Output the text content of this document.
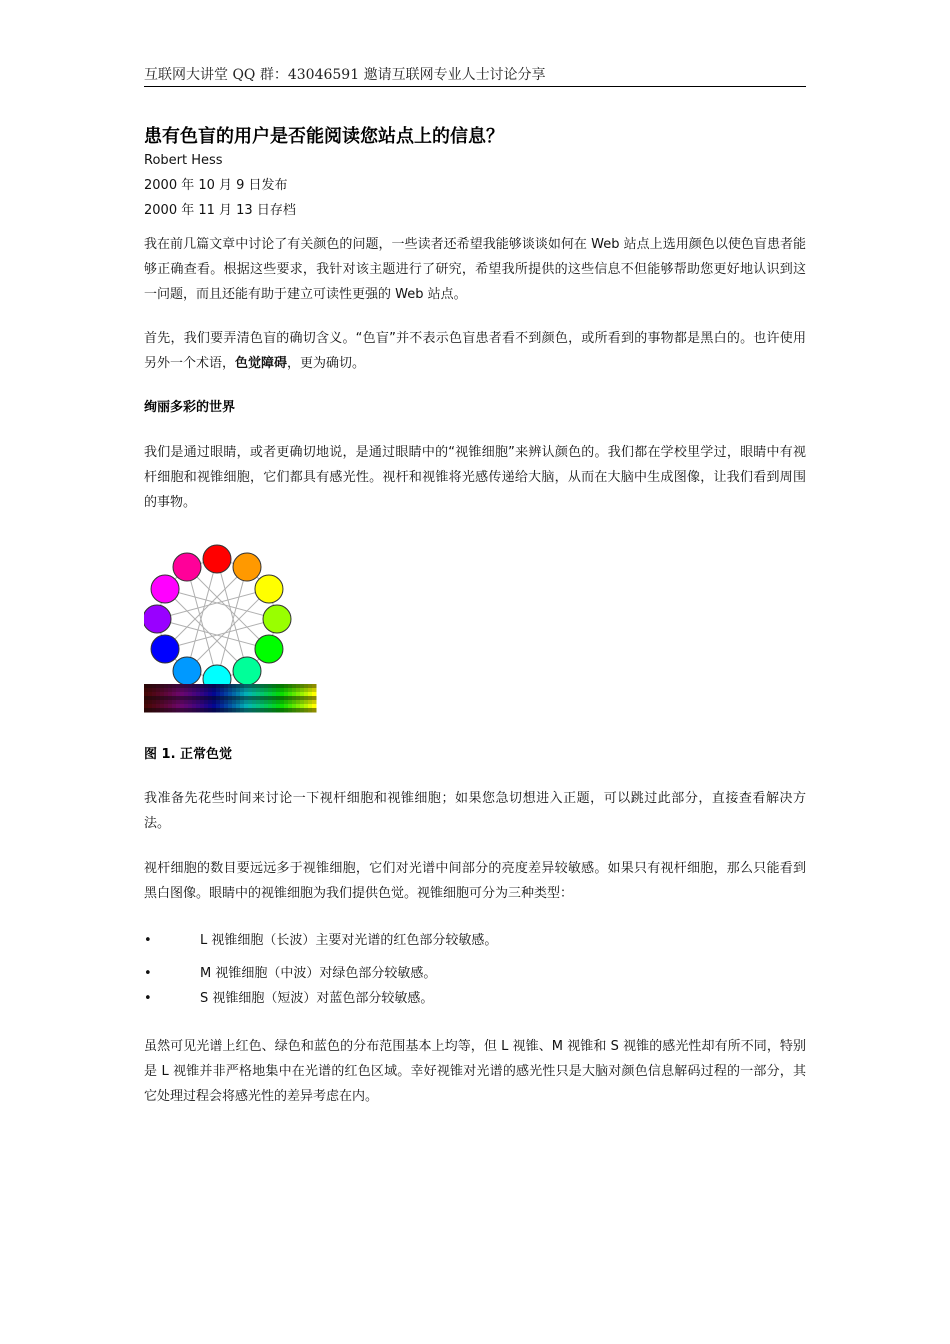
互联网大讲堂 QQ 群：43046591 邀请互联网专业人士讨论分享
患有色盲的用户是否能阅读您站点上的信息？
Robert Hess
2000 年 10 月 9 日发布
2000 年 11 月 13 日存档

我在前几篇文章中讨论了有关颜色的问题，一些读者还希望我能够谈谈如何在 Web 站点上选用颜色以使色盲患者能够正确查看。根据这些要求，我针对该主题进行了研究，希望我所提供的这些信息不但能够帮助您更好地认识到这一问题，而且还能有助于建立可读性更强的 Web 站点。

首先，我们要弄清色盲的确切含义。“色盲”并不表示色盲患者看不到颜色，或所看到的事物都是黑白的。也许使用另外一个术语，色觉障碍，更为确切。

绚丽多彩的世界

我们是通过眼睛，或者更确切地说，是通过眼睛中的“视锥细胞”来辨认颜色的。我们都在学校里学过，眼睛中有视杆细胞和视锥细胞，它们都具有感光性。视杆和视锥将光感传递给大脑，从而在大脑中生成图像，让我们看到周围的事物。

图 1. 正常色觉

我准备先花些时间来讨论一下视杆细胞和视锥细胞；如果您急切想进入正题，可以跳过此部分，直接查看解决方法。

视杆细胞的数目要远远多于视锥细胞，它们对光谱中间部分的亮度差异较敏感。如果只有视杆细胞，那么只能看到黑白图像。眼睛中的视锥细胞为我们提供色觉。视锥细胞可分为三种类型：

•	L 视锥细胞（长波）主要对光谱的红色部分较敏感。
•	M 视锥细胞（中波）对绿色部分较敏感。
•	S 视锥细胞（短波）对蓝色部分较敏感。

虽然可见光谱上红色、绿色和蓝色的分布范围基本上均等，但 L 视锥、M 视锥和 S 视锥的感光性却有所不同，特别是 L 视锥并非严格地集中在光谱的红色区域。幸好视锥对光谱的感光性只是大脑对颜色信息解码过程的一部分，其它处理过程会将感光性的差异考虑在内。
